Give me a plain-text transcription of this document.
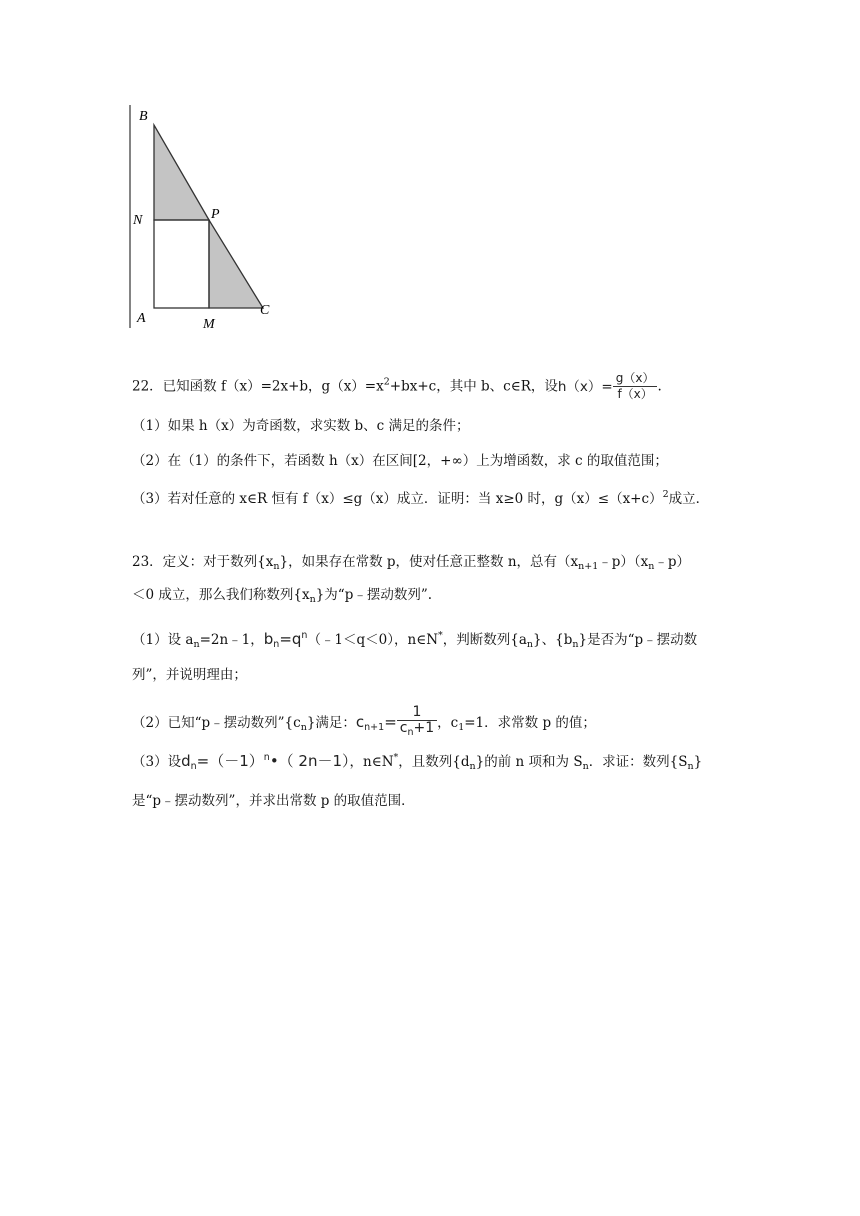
B
N	P
A	M
C
22．已知函数 f（x）=2x+b，$g(x)=x^2+bx+c$，其中 b、c∈R，设$h(x)= \frac{g(x)}{f(x)}$ .
（1）如果 h（x）为奇函数，求实数 b、c 满足的条件；
（2）在（1）的条件下，若函数 h（x）在区间[2，+∞）上为增函数，求 c 的取值范围；
（3）若对任意的 x∈R 恒有 f（x）≤g（x）成立．证明：当 x≥0 时，$g(x)\le(x+c)^2$成立．
23．定义：对于数列$\{x_n\}$，如果存在常数 p，使对任意正整数 n，总有$(x_{n+1}﹣p)(x_n﹣p)$
＜0 成立，那么我们称数列$\{x_n\}$为“p﹣摆动数列”.
（1）设 $a_n=2n﹣1$，$b_n=q^n(﹣1<q<0)$，n∈N*，判断数列$\{a_n\}$、$\{b_n\}$是否为“p﹣摆动数
列”，并说明理由；
（2）已知“p﹣摆动数列$”\{c_n\}$满足：$c_{n+1}= \frac{1}{c_n+1}$ ，$c_1=1$．求常数 p 的值；
（3）设$d_n=(-1)^n•$（ 2n－1），n∈N*，且数列$\{d_n\}$的前 n 项和为 $S_n$．求证：数列$\{S_n\}$
是“p﹣摆动数列”，并求出常数 p 的取值范围．
